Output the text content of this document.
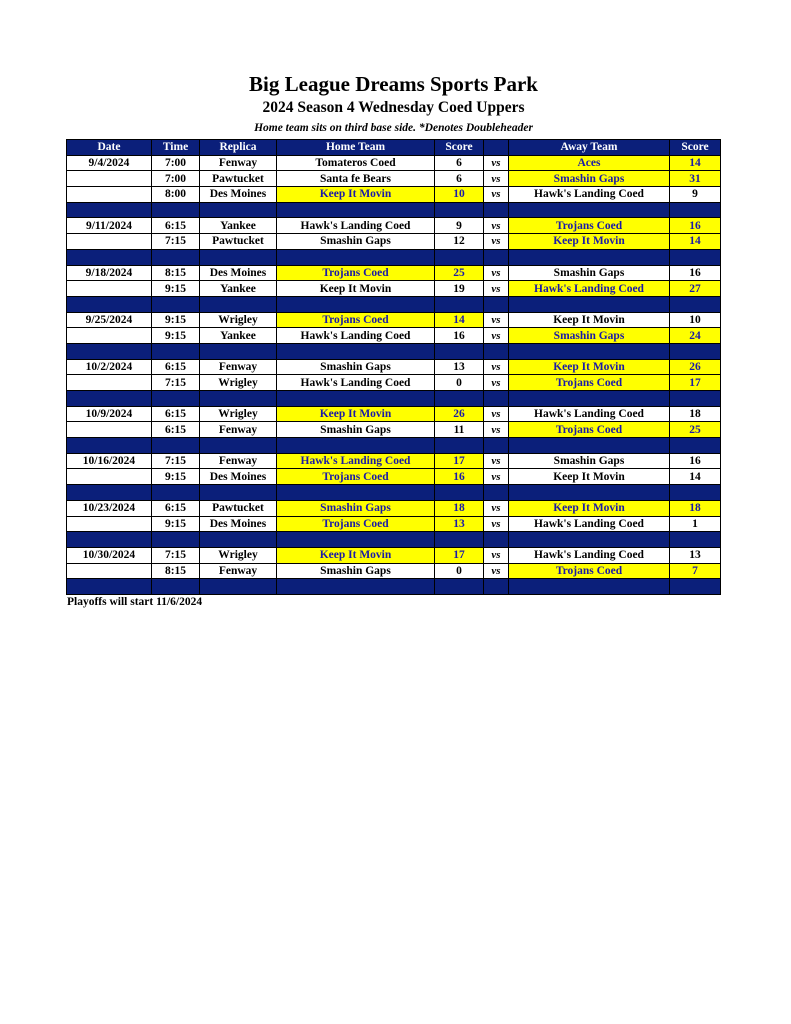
Big League Dreams Sports Park
2024 Season 4 Wednesday Coed Uppers
Home team sits on third base side. *Denotes Doubleheader
Date	Time	Replica	Home Team	Score		Away Team	Score
9/4/2024	7:00	Fenway	Tomateros Coed	6	vs	Aces	14
	7:00	Pawtucket	Santa fe Bears	6	vs	Smashin Gaps	31
	8:00	Des Moines	Keep It Movin	10	vs	Hawk's Landing Coed	9

9/11/2024	6:15	Yankee	Hawk's Landing Coed	9	vs	Trojans Coed	16
	7:15	Pawtucket	Smashin Gaps	12	vs	Keep It Movin	14

9/18/2024	8:15	Des Moines	Trojans Coed	25	vs	Smashin Gaps	16
	9:15	Yankee	Keep It Movin	19	vs	Hawk's Landing Coed	27

9/25/2024	9:15	Wrigley	Trojans Coed	14	vs	Keep It Movin	10
	9:15	Yankee	Hawk's Landing Coed	16	vs	Smashin Gaps	24

10/2/2024	6:15	Fenway	Smashin Gaps	13	vs	Keep It Movin	26
	7:15	Wrigley	Hawk's Landing Coed	0	vs	Trojans Coed	17

10/9/2024	6:15	Wrigley	Keep It Movin	26	vs	Hawk's Landing Coed	18
	6:15	Fenway	Smashin Gaps	11	vs	Trojans Coed	25

10/16/2024	7:15	Fenway	Hawk's Landing Coed	17	vs	Smashin Gaps	16
	9:15	Des Moines	Trojans Coed	16	vs	Keep It Movin	14

10/23/2024	6:15	Pawtucket	Smashin Gaps	18	vs	Keep It Movin	18
	9:15	Des Moines	Trojans Coed	13	vs	Hawk's Landing Coed	1

10/30/2024	7:15	Wrigley	Keep It Movin	17	vs	Hawk's Landing Coed	13
	8:15	Fenway	Smashin Gaps	0	vs	Trojans Coed	7

Playoffs will start 11/6/2024
